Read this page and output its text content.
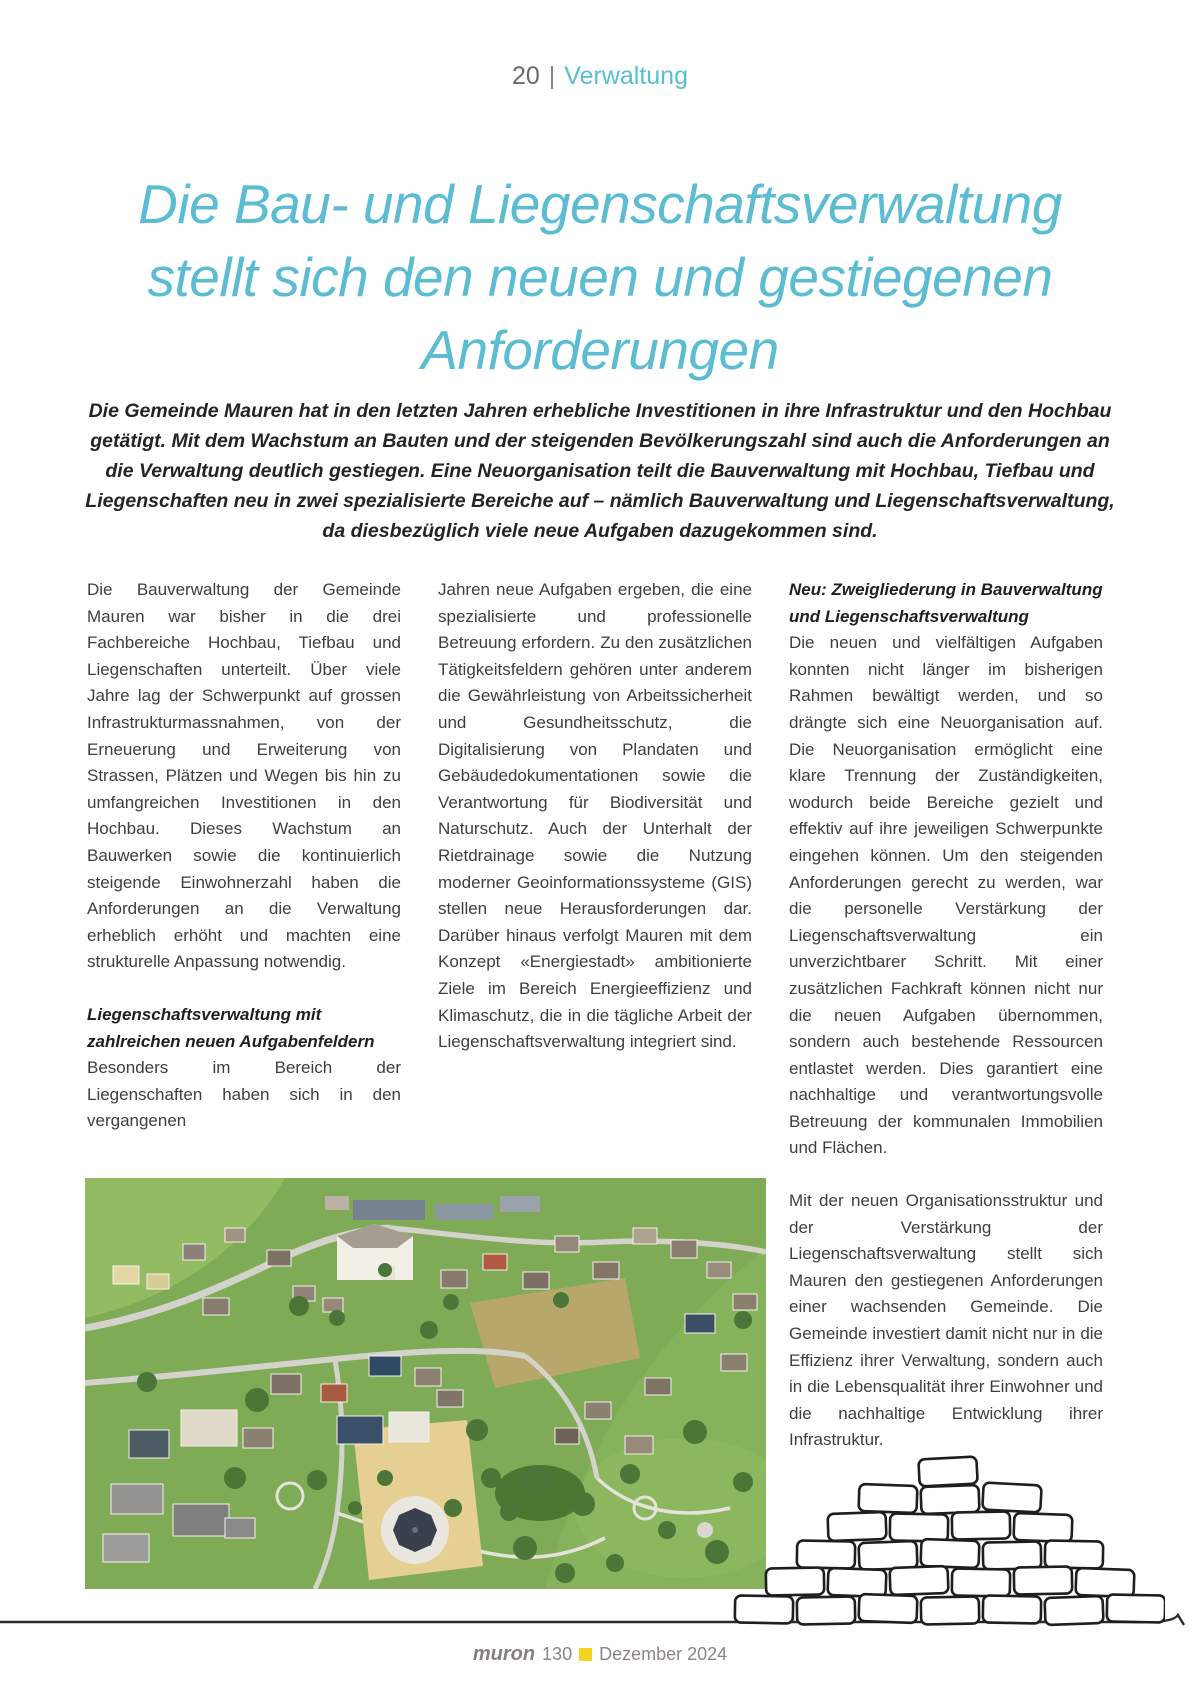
20 | Verwaltung
Die Bau- und Liegenschaftsverwaltung
stellt sich den neuen und gestiegenen
Anforderungen

Die Gemeinde Mauren hat in den letzten Jahren erhebliche Investitionen in ihre Infrastruktur und den Hochbau getätigt. Mit dem Wachstum an Bauten und der steigenden Bevölkerungszahl sind auch die Anforderungen an die Verwaltung deutlich gestiegen. Eine Neuorganisation teilt die Bauverwaltung mit Hochbau, Tiefbau und Liegenschaften neu in zwei spezialisierte Bereiche auf – nämlich Bauverwaltung und Liegenschaftsverwaltung, da diesbezüglich viele neue Aufgaben dazugekommen sind.

Die Bauverwaltung der Gemeinde Mauren war bisher in die drei Fachbereiche Hochbau, Tiefbau und Liegenschaften unterteilt. Über viele Jahre lag der Schwerpunkt auf grossen Infrastrukturmassnahmen, von der Erneuerung und Erweiterung von Strassen, Plätzen und Wegen bis hin zu umfangreichen Investitionen in den Hochbau. Dieses Wachstum an Bauwerken sowie die kontinuierlich steigende Einwohnerzahl haben die Anforderungen an die Verwaltung erheblich erhöht und machten eine strukturelle Anpassung notwendig.

Liegenschaftsverwaltung mit zahlreichen neuen Aufgabenfeldern

Besonders im Bereich der Liegenschaften haben sich in den vergangenen

Jahren neue Aufgaben ergeben, die eine spezialisierte und professionelle Betreuung erfordern. Zu den zusätzlichen Tätigkeitsfeldern gehören unter anderem die Gewährleistung von Arbeitssicherheit und Gesundheitsschutz, die Digitalisierung von Plandaten und Gebäudedokumentationen sowie die Verantwortung für Biodiversität und Naturschutz. Auch der Unterhalt der Rietdrainage sowie die Nutzung moderner Geoinformationssysteme (GIS) stellen neue Herausforderungen dar. Darüber hinaus verfolgt Mauren mit dem Konzept «Energiestadt» ambitionierte Ziele im Bereich Energieeffizienz und Klimaschutz, die in die tägliche Arbeit der Liegenschaftsverwaltung integriert sind.

Neu: Zweigliederung in Bauverwaltung und Liegenschaftsverwaltung

Die neuen und vielfältigen Aufgaben konnten nicht länger im bisherigen Rahmen bewältigt werden, und so drängte sich eine Neuorganisation auf. Die Neuorganisation ermöglicht eine klare Trennung der Zuständigkeiten, wodurch beide Bereiche gezielt und effektiv auf ihre jeweiligen Schwerpunkte eingehen können. Um den steigenden Anforderungen gerecht zu werden, war die personelle Verstärkung der Liegenschaftsverwaltung ein unverzichtbarer Schritt. Mit einer zusätzlichen Fachkraft können nicht nur die neuen Aufgaben übernommen, sondern auch bestehende Ressourcen entlastet werden. Dies garantiert eine nachhaltige und verantwortungsvolle Betreuung der kommunalen Immobilien und Flächen.

Mit der neuen Organisationsstruktur und der Verstärkung der Liegenschaftsverwaltung stellt sich Mauren den gestiegenen Anforderungen einer wachsenden Gemeinde. Die Gemeinde investiert damit nicht nur in die Effizienz ihrer Verwaltung, sondern auch in die Lebensqualität ihrer Einwohner und die nachhaltige Entwicklung ihrer Infrastruktur.

muron 130 Dezember 2024
